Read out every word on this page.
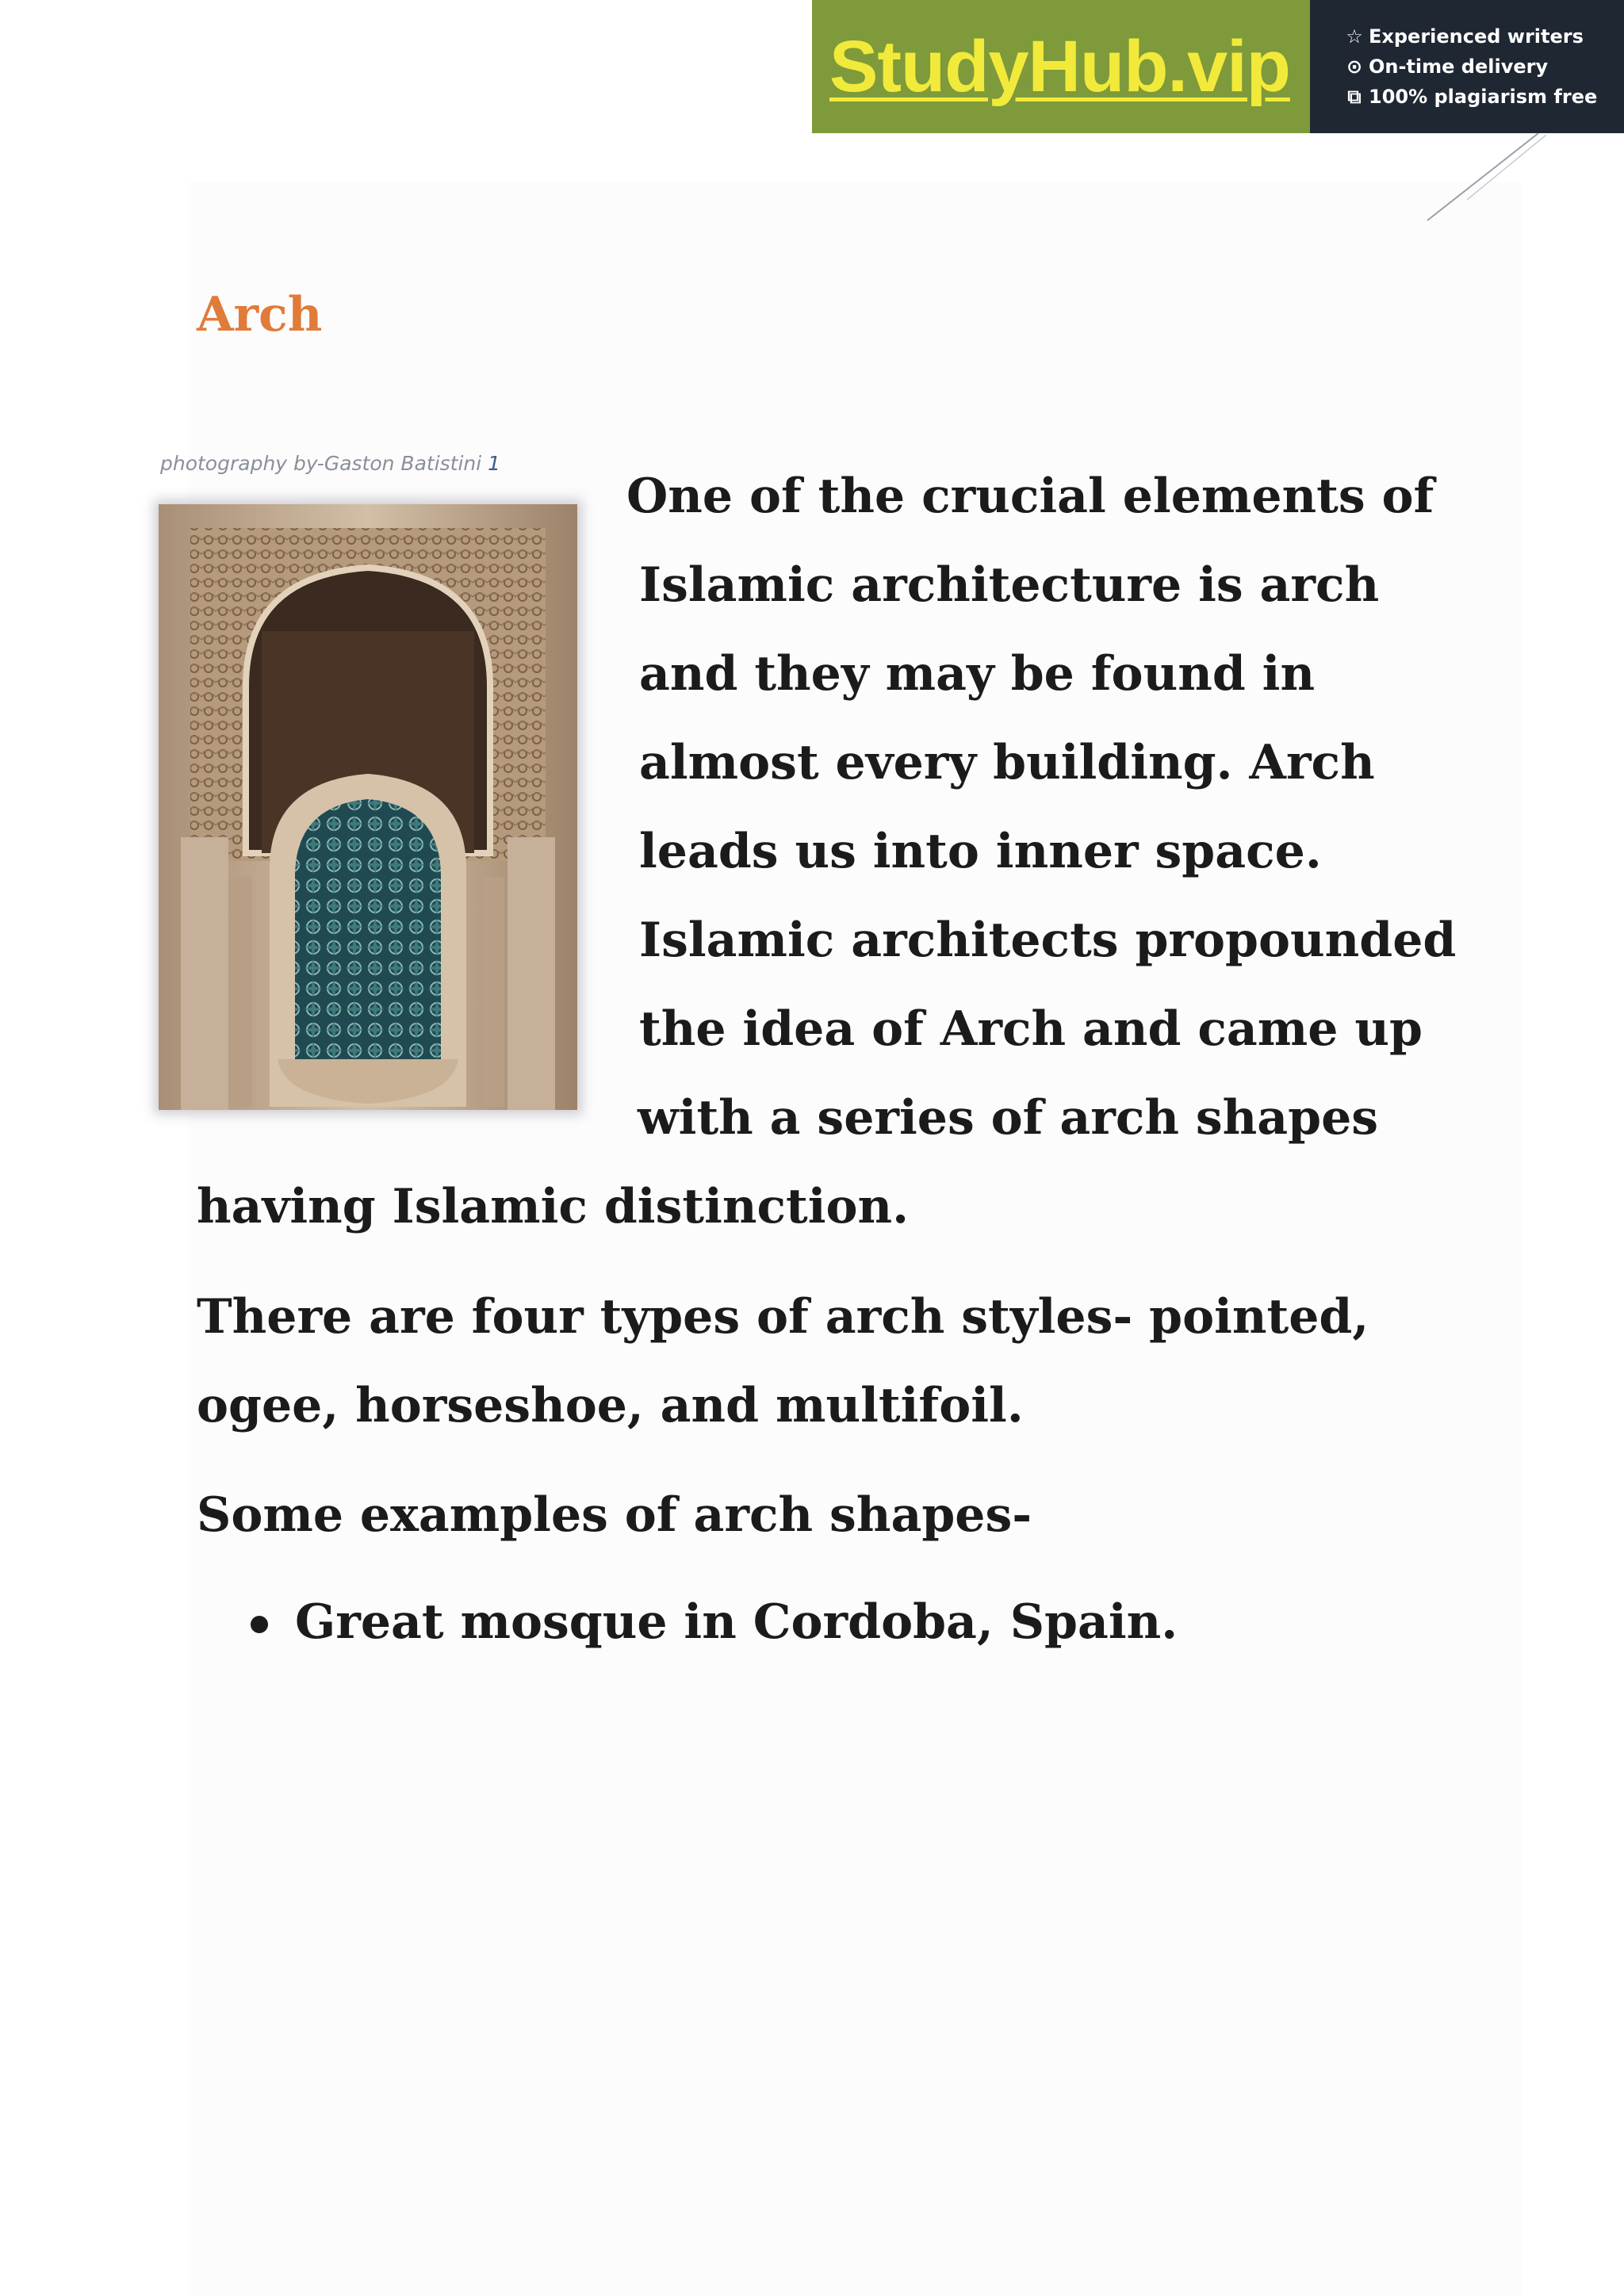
StudyHub.vip	☆ Experienced writers
⊙ On-time delivery
⧉ 100% plagiarism free
Arch
photography by-Gaston Batistini 1
One of the crucial elements of
Islamic architecture is arch
and they may be found in
almost every building. Arch
leads us into inner space.
Islamic architects propounded
the idea of Arch and came up
with a series of arch shapes
having Islamic distinction.
There are four types of arch styles- pointed,
ogee, horseshoe, and multifoil.
Some examples of arch shapes-
Great mosque in Cordoba, Spain.
